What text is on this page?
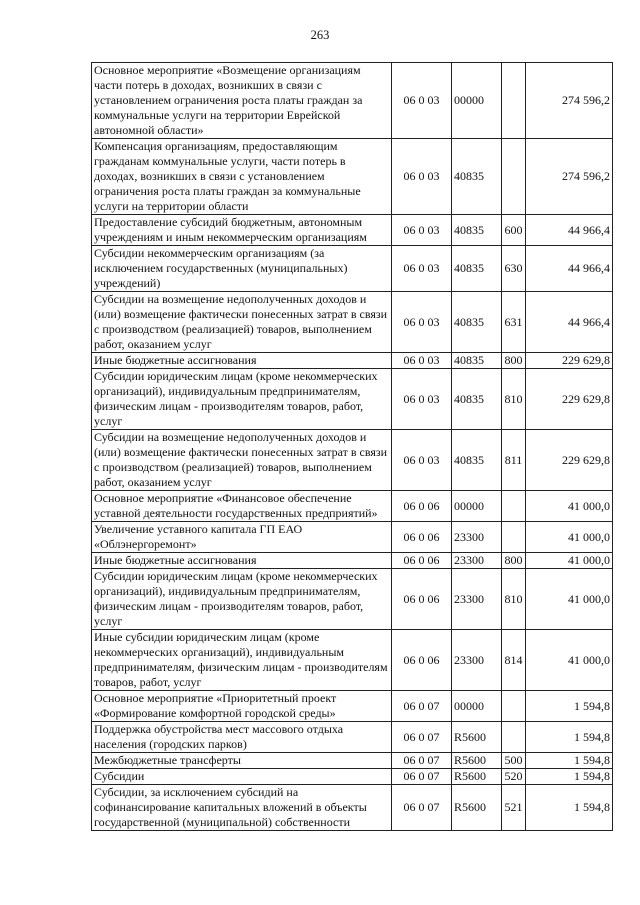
263
Основное мероприятие «Возмещение организациям части потерь в доходах, возникших в связи с установлением ограничения роста платы граждан за коммунальные услуги на территории Еврейской автономной области»	06 0 03	00000		274 596,2
Компенсация организациям, предоставляющим гражданам коммунальные услуги, части потерь в доходах, возникших в связи с установлением ограничения роста платы граждан за коммунальные услуги на территории области	06 0 03	40835		274 596,2
Предоставление субсидий бюджетным, автономным учреждениям и иным некоммерческим организациям	06 0 03	40835	600	44 966,4
Субсидии некоммерческим организациям (за исключением государственных (муниципальных) учреждений)	06 0 03	40835	630	44 966,4
Субсидии на возмещение недополученных доходов и (или) возмещение фактически понесенных затрат в связи с производством (реализацией) товаров, выполнением работ, оказанием услуг	06 0 03	40835	631	44 966,4
Иные бюджетные ассигнования	06 0 03	40835	800	229 629,8
Субсидии юридическим лицам (кроме некоммерческих организаций), индивидуальным предпринимателям, физическим лицам - производителям товаров, работ, услуг	06 0 03	40835	810	229 629,8
Субсидии на возмещение недополученных доходов и (или) возмещение фактически понесенных затрат в связи с производством (реализацией) товаров, выполнением работ, оказанием услуг	06 0 03	40835	811	229 629,8
Основное мероприятие «Финансовое обеспечение уставной деятельности государственных предприятий»	06 0 06	00000		41 000,0
Увеличение уставного капитала ГП ЕАО «Облэнергоремонт»	06 0 06	23300		41 000,0
Иные бюджетные ассигнования	06 0 06	23300	800	41 000,0
Субсидии юридическим лицам (кроме некоммерческих организаций), индивидуальным предпринимателям, физическим лицам - производителям товаров, работ, услуг	06 0 06	23300	810	41 000,0
Иные субсидии юридическим лицам (кроме некоммерческих организаций), индивидуальным предпринимателям, физическим лицам - производителям товаров, работ, услуг	06 0 06	23300	814	41 000,0
Основное мероприятие «Приоритетный проект «Формирование комфортной городской среды»	06 0 07	00000		1 594,8
Поддержка обустройства мест массового отдыха населения (городских парков)	06 0 07	R5600		1 594,8
Межбюджетные трансферты	06 0 07	R5600	500	1 594,8
Субсидии	06 0 07	R5600	520	1 594,8
Субсидии, за исключением субсидий на софинансирование капитальных вложений в объекты государственной (муниципальной) собственности	06 0 07	R5600	521	1 594,8
